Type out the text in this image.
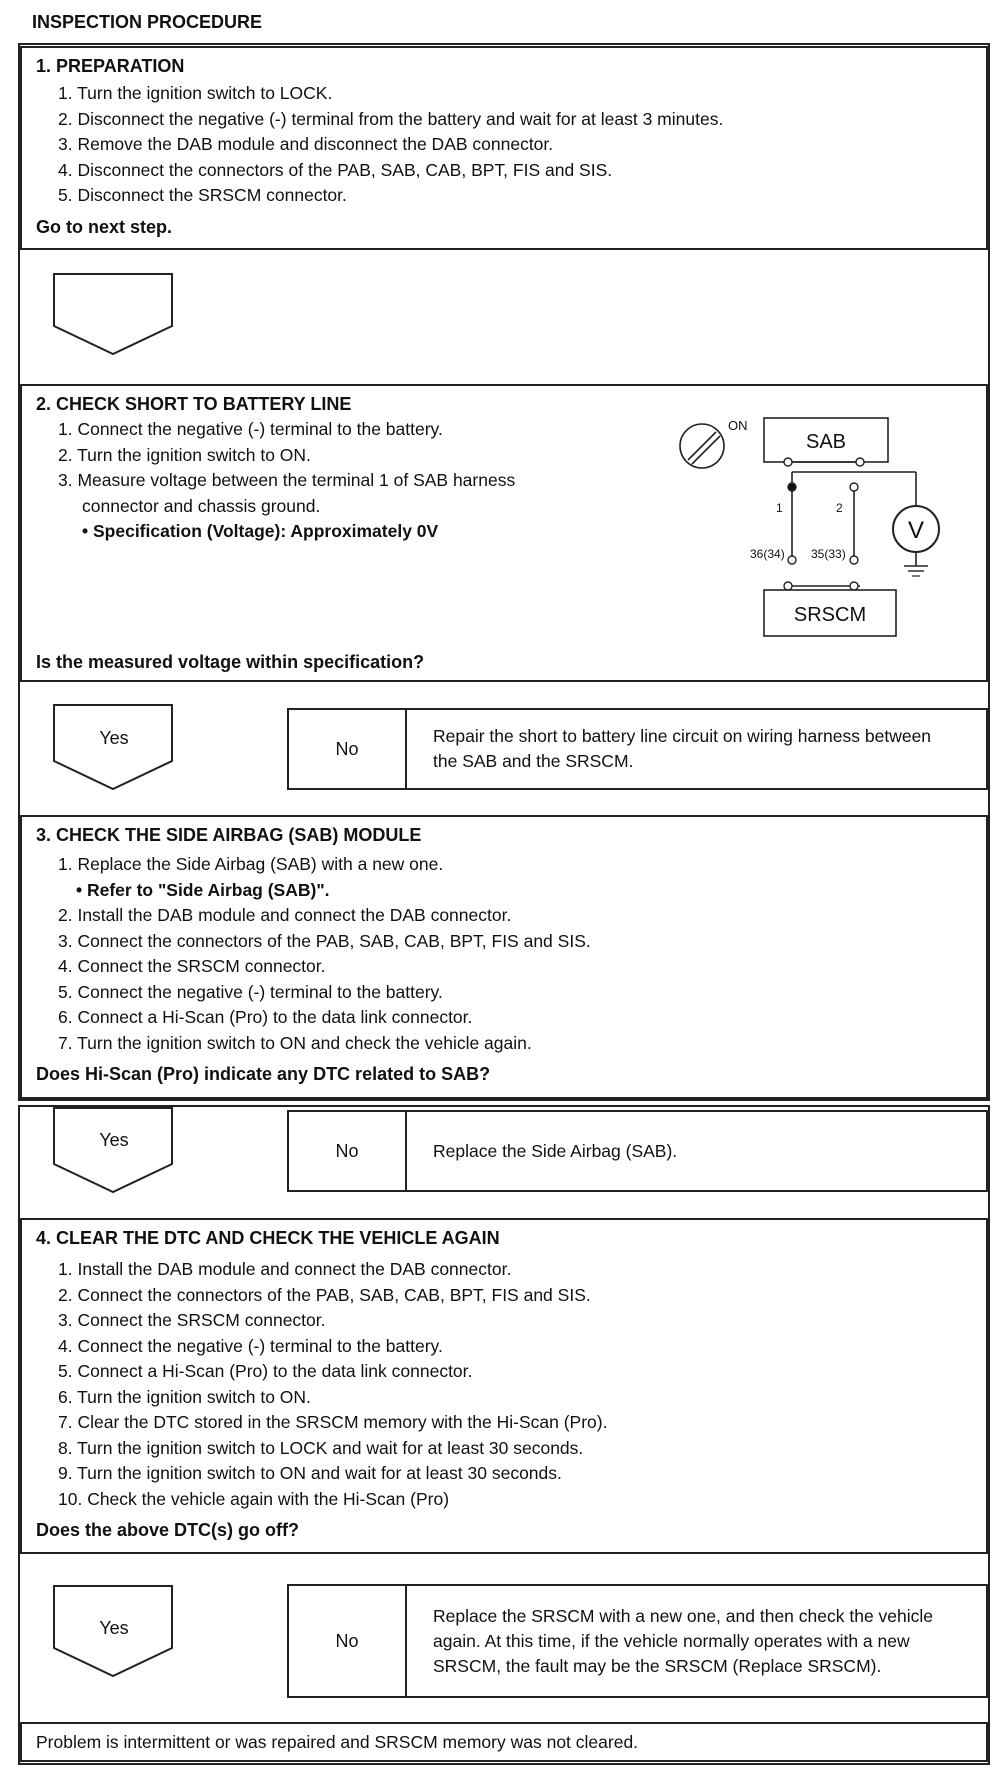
INSPECTION PROCEDURE
1. PREPARATION
1. Turn the ignition switch to LOCK.
2. Disconnect the negative (-) terminal from the battery and wait for at least 3 minutes.
3. Remove the DAB module and disconnect the DAB connector.
4. Disconnect the connectors of the PAB, SAB, CAB, BPT, FIS and SIS.
5. Disconnect the SRSCM connector.
Go to next step.
2. CHECK SHORT TO BATTERY LINE
1. Connect the negative (-) terminal to the battery.
2. Turn the ignition switch to ON.
3. Measure voltage between the terminal 1 of SAB harness
connector and chassis ground.
• Specification (Voltage): Approximately 0V
Is the measured voltage within specification?
ON
SAB
1	2
36(34) 35(33)
SRSCM
V
Yes
No
Repair the short to battery line circuit on wiring harness between the SAB and the SRSCM.
3. CHECK THE SIDE AIRBAG (SAB) MODULE
1. Replace the Side Airbag (SAB) with a new one.
• Refer to "Side Airbag (SAB)".
2. Install the DAB module and connect the DAB connector.
3. Connect the connectors of the PAB, SAB, CAB, BPT, FIS and SIS.
4. Connect the SRSCM connector.
5. Connect the negative (-) terminal to the battery.
6. Connect a Hi-Scan (Pro) to the data link connector.
7. Turn the ignition switch to ON and check the vehicle again.
Does Hi-Scan (Pro) indicate any DTC related to SAB?
Yes
No	Replace the Side Airbag (SAB).
4. CLEAR THE DTC AND CHECK THE VEHICLE AGAIN
1. Install the DAB module and connect the DAB connector.
2. Connect the connectors of the PAB, SAB, CAB, BPT, FIS and SIS.
3. Connect the SRSCM connector.
4. Connect the negative (-) terminal to the battery.
5. Connect a Hi-Scan (Pro) to the data link connector.
6. Turn the ignition switch to ON.
7. Clear the DTC stored in the SRSCM memory with the Hi-Scan (Pro).
8. Turn the ignition switch to LOCK and wait for at least 30 seconds.
9. Turn the ignition switch to ON and wait for at least 30 seconds.
10. Check the vehicle again with the Hi-Scan (Pro)
Does the above DTC(s) go off?
Yes
No
Replace the SRSCM with a new one, and then check the vehicle again. At this time, if the vehicle normally operates with a new SRSCM, the fault may be the SRSCM (Replace SRSCM).
Problem is intermittent or was repaired and SRSCM memory was not cleared.
